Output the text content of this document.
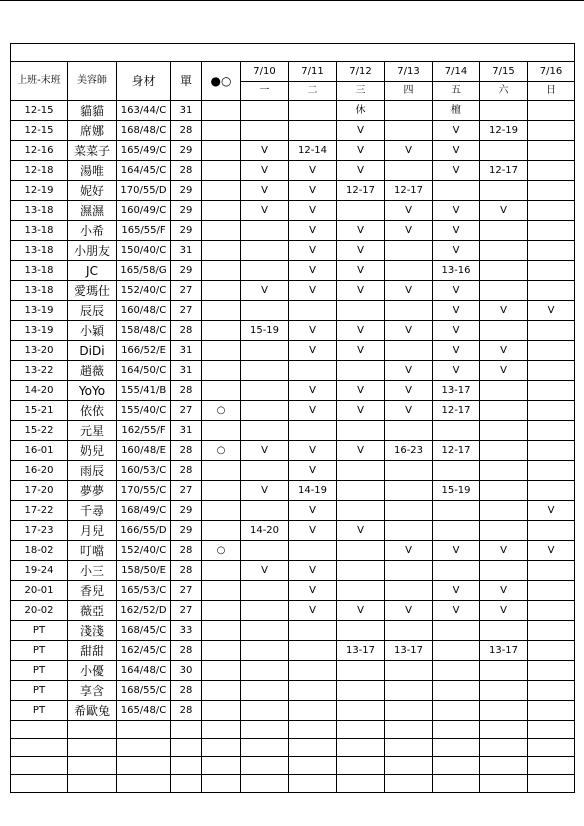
上班-末班	美容師	身材	單	●○	7/10	7/11	7/12	7/13	7/14	7/15	7/16
					一	二	三	四	五	六	日
12-15	貓貓	163/44/C	31				休		檀		
12-15	席娜	168/48/C	28				V		V	12-19	
12-16	菜菜子	165/49/C	29		V	12-14	V	V	V		
12-18	湯唯	164/45/C	28		V	V	V		V	12-17	
12-19	妮好	170/55/D	29		V	V	12-17	12-17			
13-18	濕濕	160/49/C	29		V	V		V	V	V	
13-18	小希	165/55/F	29			V	V	V	V		
13-18	小朋友	150/40/C	31			V	V		V		
13-18	JC	165/58/G	29			V	V		13-16		
13-18	愛瑪仕	152/40/C	27		V	V	V	V	V		
13-19	辰辰	160/48/C	27						V	V	V
13-19	小穎	158/48/C	28		15-19	V	V	V	V		
13-20	DiDi	166/52/E	31			V	V		V	V	
13-22	趙薇	164/50/C	31					V	V	V	
14-20	YoYo	155/41/B	28			V	V	V	13-17		
15-21	依依	155/40/C	27	○		V	V	V	12-17		
15-22	元星	162/55/F	31								
16-01	奶兒	160/48/E	28	○	V	V	V	16-23	12-17		
16-20	雨辰	160/53/C	28			V					
17-20	夢夢	170/55/C	27		V	14-19			15-19		
17-22	千尋	168/49/C	29			V					V
17-23	月兒	166/55/D	29		14-20	V	V				
18-02	叮噹	152/40/C	28	○				V	V	V	V
19-24	小三	158/50/E	28		V	V					
20-01	香兒	165/53/C	27			V			V	V	
20-02	薇亞	162/52/D	27			V	V	V	V	V	
PT	淺淺	168/45/C	33								
PT	甜甜	162/45/C	28				13-17	13-17		13-17	
PT	小優	164/48/C	30								
PT	享含	168/55/C	28								
PT	希歐兔	165/48/C	28								
